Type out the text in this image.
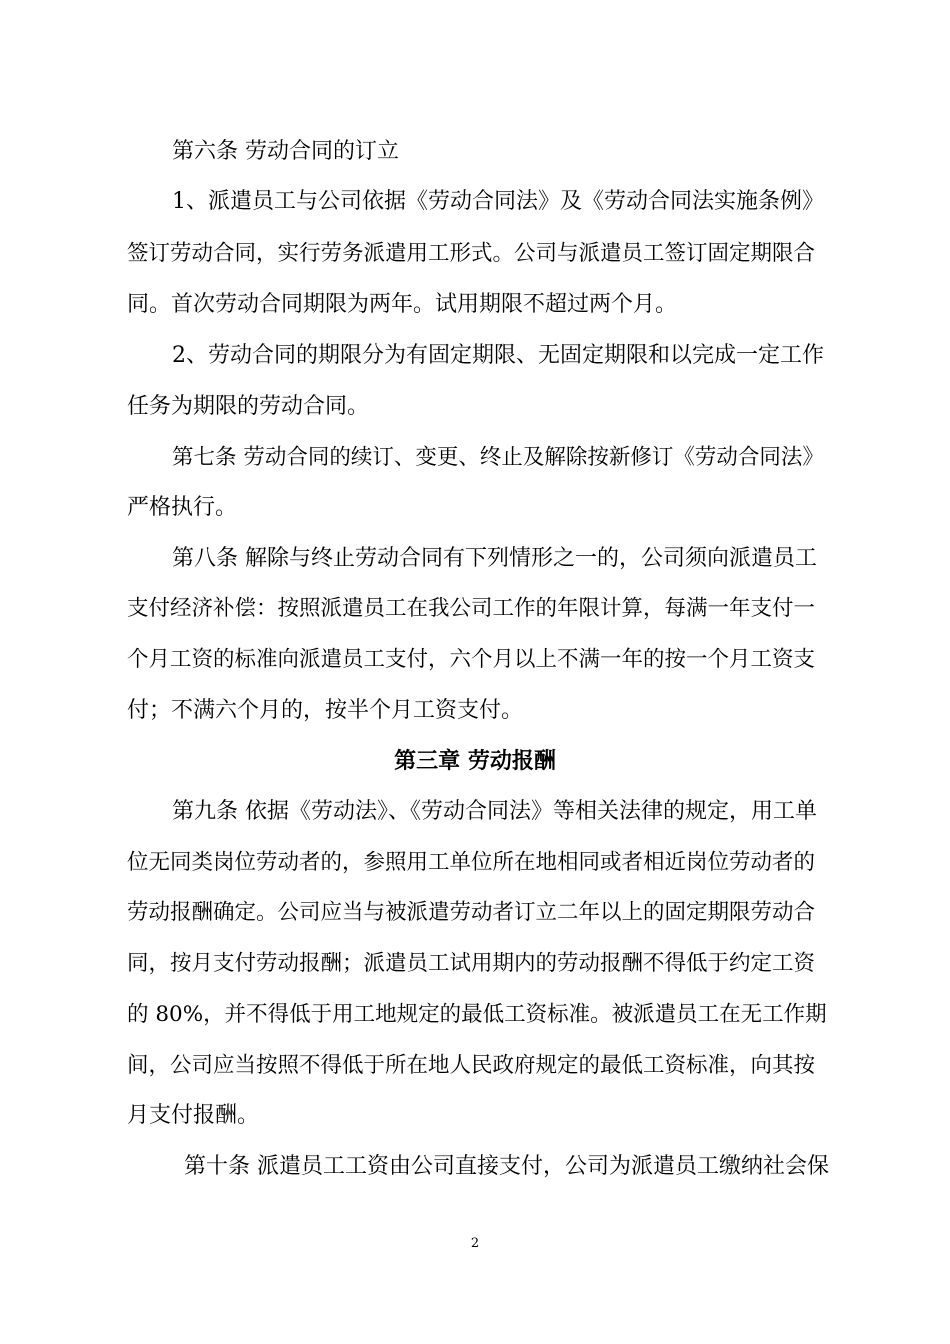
第六条 劳动合同的订立
1、派遣员工与公司依据《劳动合同法》及《劳动合同法实施条例》
签订劳动合同，实行劳务派遣用工形式。公司与派遣员工签订固定期限合
同。首次劳动合同期限为两年。试用期限不超过两个月。
2、劳动合同的期限分为有固定期限、无固定期限和以完成一定工作
任务为期限的劳动合同。
第七条 劳动合同的续订、变更、终止及解除按新修订《劳动合同法》
严格执行。
第八条 解除与终止劳动合同有下列情形之一的，公司须向派遣员工
支付经济补偿：按照派遣员工在我公司工作的年限计算，每满一年支付一
个月工资的标准向派遣员工支付，六个月以上不满一年的按一个月工资支
付；不满六个月的，按半个月工资支付。
第三章 劳动报酬
第九条 依据《劳动法》、《劳动合同法》等相关法律的规定，用工单
位无同类岗位劳动者的，参照用工单位所在地相同或者相近岗位劳动者的
劳动报酬确定。公司应当与被派遣劳动者订立二年以上的固定期限劳动合
同，按月支付劳动报酬；派遣员工试用期内的劳动报酬不得低于约定工资
的 80%，并不得低于用工地规定的最低工资标准。被派遣员工在无工作期
间，公司应当按照不得低于所在地人民政府规定的最低工资标准，向其按
月支付报酬。
第十条 派遣员工工资由公司直接支付，公司为派遣员工缴纳社会保
2
